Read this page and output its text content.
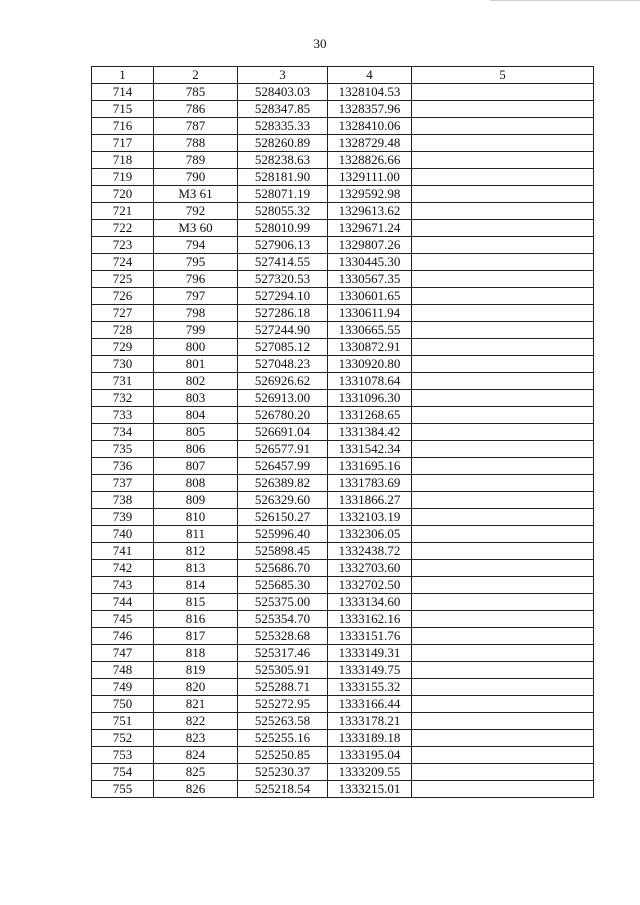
30
1	2	3	4	5
714	785	528403.03	1328104.53	
715	786	528347.85	1328357.96	
716	787	528335.33	1328410.06	
717	788	528260.89	1328729.48	
718	789	528238.63	1328826.66	
719	790	528181.90	1329111.00	
720	МЗ 61	528071.19	1329592.98	
721	792	528055.32	1329613.62	
722	МЗ 60	528010.99	1329671.24	
723	794	527906.13	1329807.26	
724	795	527414.55	1330445.30	
725	796	527320.53	1330567.35	
726	797	527294.10	1330601.65	
727	798	527286.18	1330611.94	
728	799	527244.90	1330665.55	
729	800	527085.12	1330872.91	
730	801	527048.23	1330920.80	
731	802	526926.62	1331078.64	
732	803	526913.00	1331096.30	
733	804	526780.20	1331268.65	
734	805	526691.04	1331384.42	
735	806	526577.91	1331542.34	
736	807	526457.99	1331695.16	
737	808	526389.82	1331783.69	
738	809	526329.60	1331866.27	
739	810	526150.27	1332103.19	
740	811	525996.40	1332306.05	
741	812	525898.45	1332438.72	
742	813	525686.70	1332703.60	
743	814	525685.30	1332702.50	
744	815	525375.00	1333134.60	
745	816	525354.70	1333162.16	
746	817	525328.68	1333151.76	
747	818	525317.46	1333149.31	
748	819	525305.91	1333149.75	
749	820	525288.71	1333155.32	
750	821	525272.95	1333166.44	
751	822	525263.58	1333178.21	
752	823	525255.16	1333189.18	
753	824	525250.85	1333195.04	
754	825	525230.37	1333209.55	
755	826	525218.54	1333215.01	
